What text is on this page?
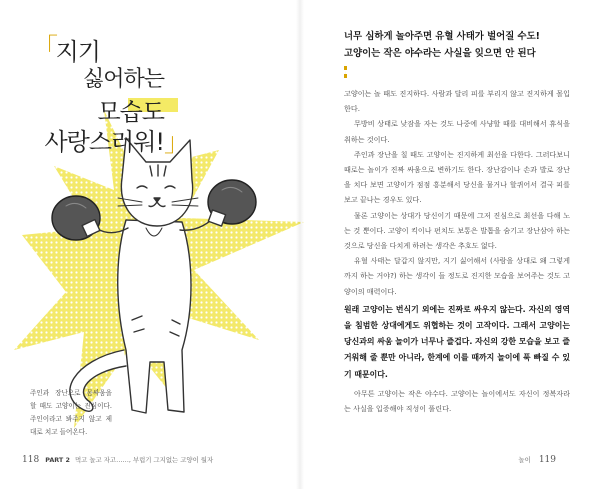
「
지기
싫어하는
모습도
사랑스러워! 」

주인과 장난으로 몸싸움을 할 때도 고양이는 진심이다. 주인이라고 봐주지 않고 제대로 치고 들어온다.

118 PART 2 먹고 놀고 자고……, 부럽기 그지없는 고양이 월자
너무 심하게 놀아주면 유혈 사태가 벌어질 수도!
고양이는 작은 야수라는 사실을 잊으면 안 된다

고양이는 놀 때도 진지하다. 사람과 달리 피를 부리지 않고 진지하게 몰입한다.

무방비 상태로 낮잠을 자는 것도 나중에 사냥할 때를 대비해서 휴식을 취하는 것이다.

주인과 장난을 칠 때도 고양이는 진지하게 최선을 다한다. 그러다보니 때로는 놀이가 진짜 싸움으로 변하기도 한다. 장난감이나 손과 발로 장난을 치다 보면 고양이가 점점 흥분해서 당신을 물거나 할퀴어서 결국 피를 보고 끝나는 경우도 있다.

물론 고양이는 상대가 당신이기 때문에 그저 진심으로 최선을 다해 노는 것 뿐이다. 고양이 킥이나 펀치도 보통은 발톱을 숨기고 장난삼아 하는 것으로 당신을 다치게 하려는 생각은 추호도 없다.

유혈 사태는 달갑지 않지만, 지기 싫어해서 (사람을 상대로 왜 그렇게까지 하는 거야?) 하는 생각이 들 정도로 진지한 모습을 보여주는 것도 고양이의 매력이다.

원래 고양이는 번식기 외에는 진짜로 싸우지 않는다. 자신의 영역을 침범한 상대에게도 위협하는 것이 고작이다. 그래서 고양이는 당신과의 싸움 놀이가 너무나 즐겁다. 자신의 강한 모습을 보고 즐거워해 줄 뿐만 아니라, 한계에 이를 때까지 놀이에 푹 빠질 수 있기 때문이다.

아무튼 고양이는 작은 야수다. 고양이는 놀이에서도 자신이 정복자라는 사실을 입증해야 직성이 풀린다.

놀이 119
